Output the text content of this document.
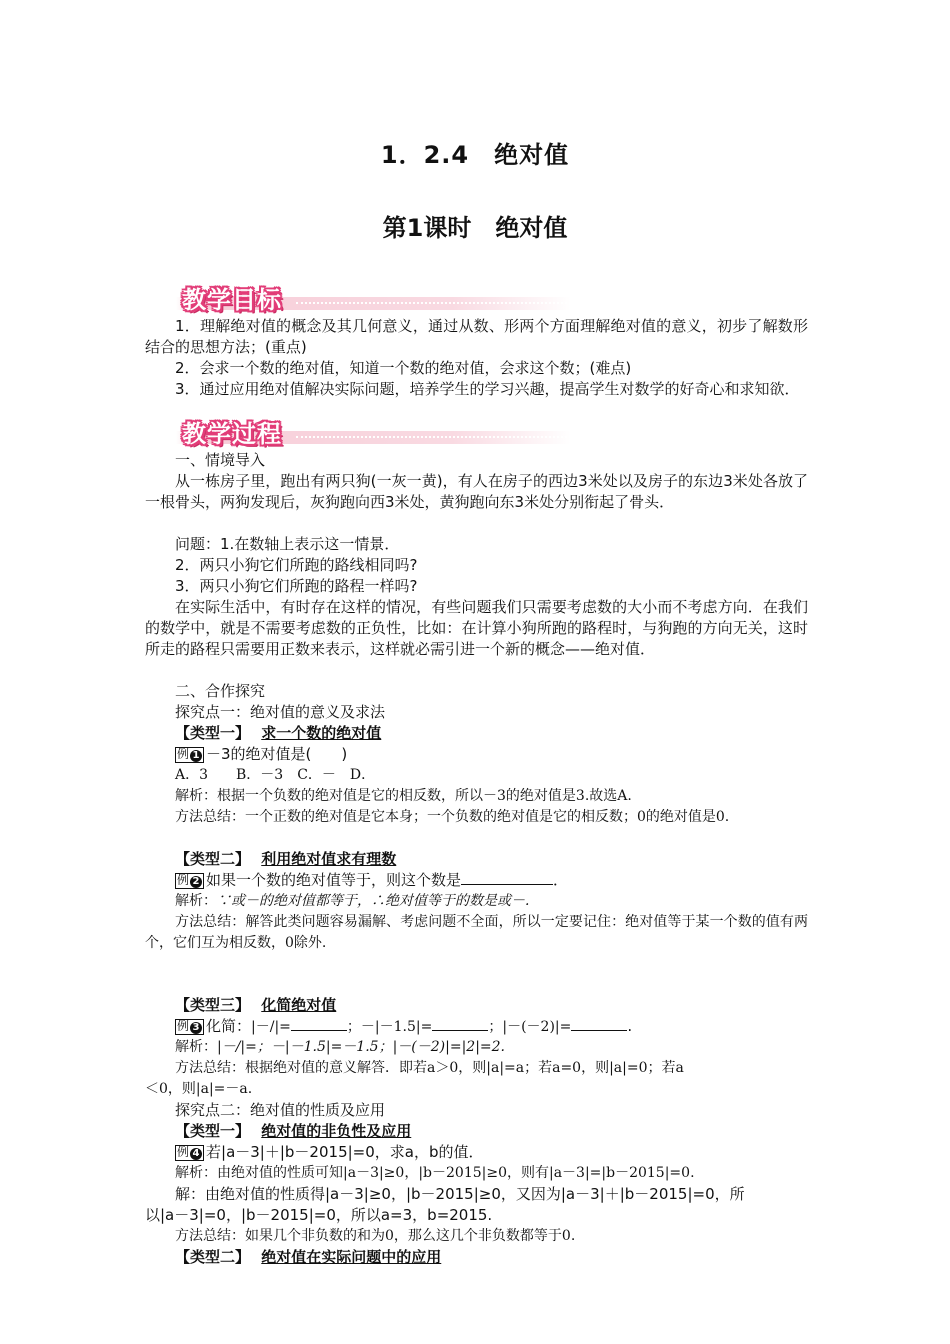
1．2.4　绝对值
第1课时　绝对值
教学目标
1．理解绝对值的概念及其几何意义，通过从数、形两个方面理解绝对值的意义，初步了解数形结合的思想方法；(重点)
2．会求一个数的绝对值，知道一个数的绝对值，会求这个数；(难点)
3．通过应用绝对值解决实际问题，培养学生的学习兴趣，提高学生对数学的好奇心和求知欲．
教学过程
一、情境导入
从一栋房子里，跑出有两只狗(一灰一黄)，有人在房子的西边3米处以及房子的东边3米处各放了一根骨头，两狗发现后，灰狗跑向西3米处，黄狗跑向东3米处分别衔起了骨头．
问题：1.在数轴上表示这一情景．
2．两只小狗它们所跑的路线相同吗?
3．两只小狗它们所跑的路程一样吗?
在实际生活中，有时存在这样的情况，有些问题我们只需要考虑数的大小而不考虑方向．在我们的数学中，就是不需要考虑数的正负性，比如：在计算小狗所跑的路程时，与狗跑的方向无关，这时所走的路程只需要用正数来表示，这样就必需引进一个新的概念——绝对值．
二、合作探究
探究点一：绝对值的意义及求法
【类型一】 求一个数的绝对值
例 1 －3的绝对值是(　　)
A．3　　B．－3　C．－　D．
解析：根据一个负数的绝对值是它的相反数，所以－3的绝对值是3.故选A.
方法总结：一个正数的绝对值是它本身；一个负数的绝对值是它的相反数；0的绝对值是0.
【类型二】 利用绝对值求有理数
例 2 如果一个数的绝对值等于，则这个数是	．
解析：∵或－的绝对值都等于，∴绝对值等于的数是或－.
方法总结：解答此类问题容易漏解、考虑问题不全面，所以一定要记住：绝对值等于某一个数的值有两个，它们互为相反数，0除外.
【类型三】 化简绝对值
例 3 化简：|－/|=	；－|－1.5|=	；|－(－2)|=	.
解析：|－/|=；－|－1.5|=－1.5；|－(－2)|=|2|=2.
方法总结：根据绝对值的意义解答．即若a＞0，则|a|=a；若a=0，则|a|=0；若a
＜0，则|a|=－a.
探究点二：绝对值的性质及应用
【类型一】 绝对值的非负性及应用
例 4 若|a－3|＋|b－2015|=0，求a，b的值．
解析：由绝对值的性质可知|a－3|≥0，|b－2015|≥0，则有|a－3|=|b－2015|=0.
解：由绝对值的性质得|a－3|≥0，|b－2015|≥0，又因为|a－3|＋|b－2015|=0，所
以|a－3|=0，|b－2015|=0，所以a=3，b=2015.
方法总结：如果几个非负数的和为0，那么这几个非负数都等于0.
【类型二】 绝对值在实际问题中的应用
